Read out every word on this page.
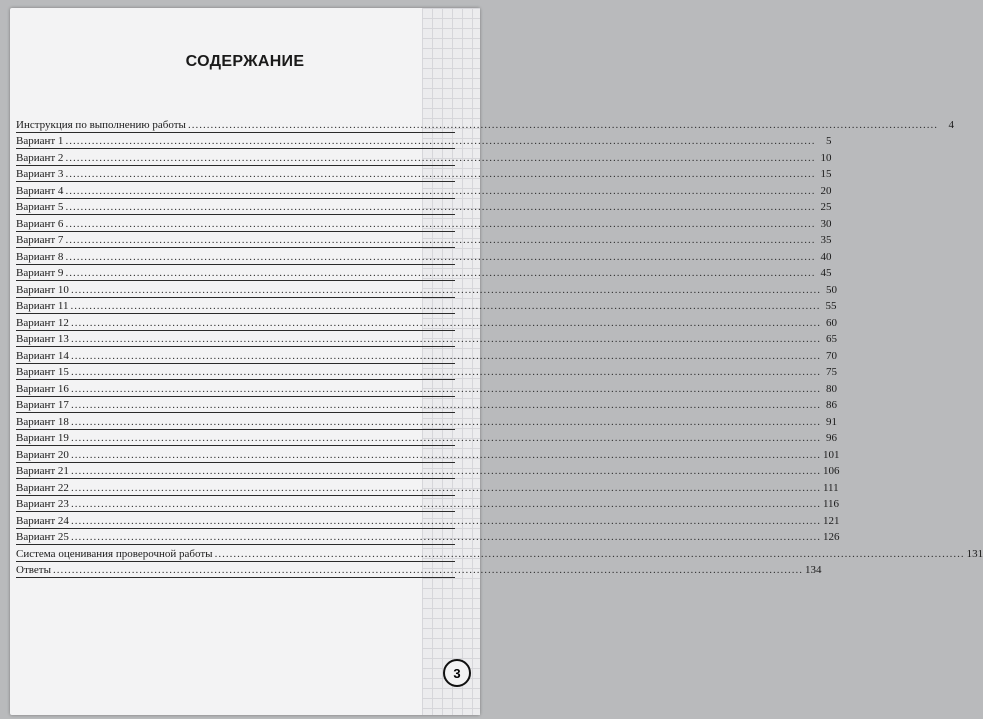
СОДЕРЖАНИЕ
Инструкция по выполнению работы ........................................................................................................................................................................................................ 4
Вариант 1 ........................................................................................................................................................................................................ 5
Вариант 2 ........................................................................................................................................................................................................ 10
Вариант 3 ........................................................................................................................................................................................................ 15
Вариант 4 ........................................................................................................................................................................................................ 20
Вариант 5 ........................................................................................................................................................................................................ 25
Вариант 6 ........................................................................................................................................................................................................ 30
Вариант 7 ........................................................................................................................................................................................................ 35
Вариант 8 ........................................................................................................................................................................................................ 40
Вариант 9 ........................................................................................................................................................................................................ 45
Вариант 10 ........................................................................................................................................................................................................ 50
Вариант 11 ........................................................................................................................................................................................................ 55
Вариант 12 ........................................................................................................................................................................................................ 60
Вариант 13 ........................................................................................................................................................................................................ 65
Вариант 14 ........................................................................................................................................................................................................ 70
Вариант 15 ........................................................................................................................................................................................................ 75
Вариант 16 ........................................................................................................................................................................................................ 80
Вариант 17 ........................................................................................................................................................................................................ 86
Вариант 18 ........................................................................................................................................................................................................ 91
Вариант 19 ........................................................................................................................................................................................................ 96
Вариант 20 ........................................................................................................................................................................................................ 101
Вариант 21 ........................................................................................................................................................................................................ 106
Вариант 22 ........................................................................................................................................................................................................ 111
Вариант 23 ........................................................................................................................................................................................................ 116
Вариант 24 ........................................................................................................................................................................................................ 121
Вариант 25 ........................................................................................................................................................................................................ 126
Система оценивания проверочной работы ........................................................................................................................................................................................................ 131
Ответы ........................................................................................................................................................................................................ 134
3
